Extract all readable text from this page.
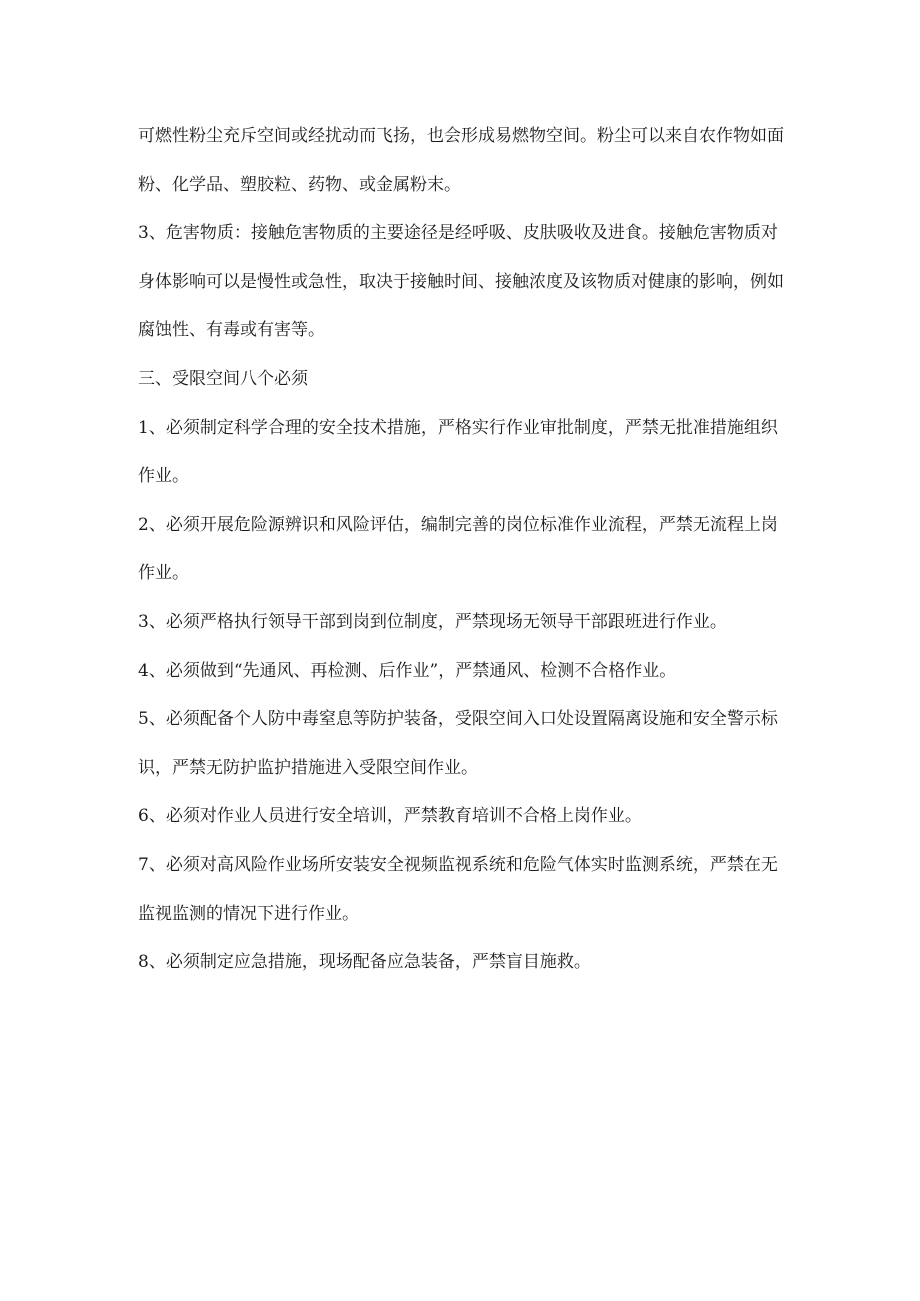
可燃性粉尘充斥空间或经扰动而飞扬，也会形成易燃物空间。粉尘可以来自农作物如面
粉、化学品、塑胶粒、药物、或金属粉末。
3、危害物质：接触危害物质的主要途径是经呼吸、皮肤吸收及进食。接触危害物质对
身体影响可以是慢性或急性，取决于接触时间、接触浓度及该物质对健康的影响，例如
腐蚀性、有毒或有害等。
三、受限空间八个必须
1、必须制定科学合理的安全技术措施，严格实行作业审批制度，严禁无批准措施组织
作业。
2、必须开展危险源辨识和风险评估，编制完善的岗位标准作业流程，严禁无流程上岗
作业。
3、必须严格执行领导干部到岗到位制度，严禁现场无领导干部跟班进行作业。
4、必须做到“先通风、再检测、后作业”，严禁通风、检测不合格作业。
5、必须配备个人防中毒窒息等防护装备，受限空间入口处设置隔离设施和安全警示标
识，严禁无防护监护措施进入受限空间作业。
6、必须对作业人员进行安全培训，严禁教育培训不合格上岗作业。
7、必须对高风险作业场所安装安全视频监视系统和危险气体实时监测系统，严禁在无
监视监测的情况下进行作业。
8、必须制定应急措施，现场配备应急装备，严禁盲目施救。
